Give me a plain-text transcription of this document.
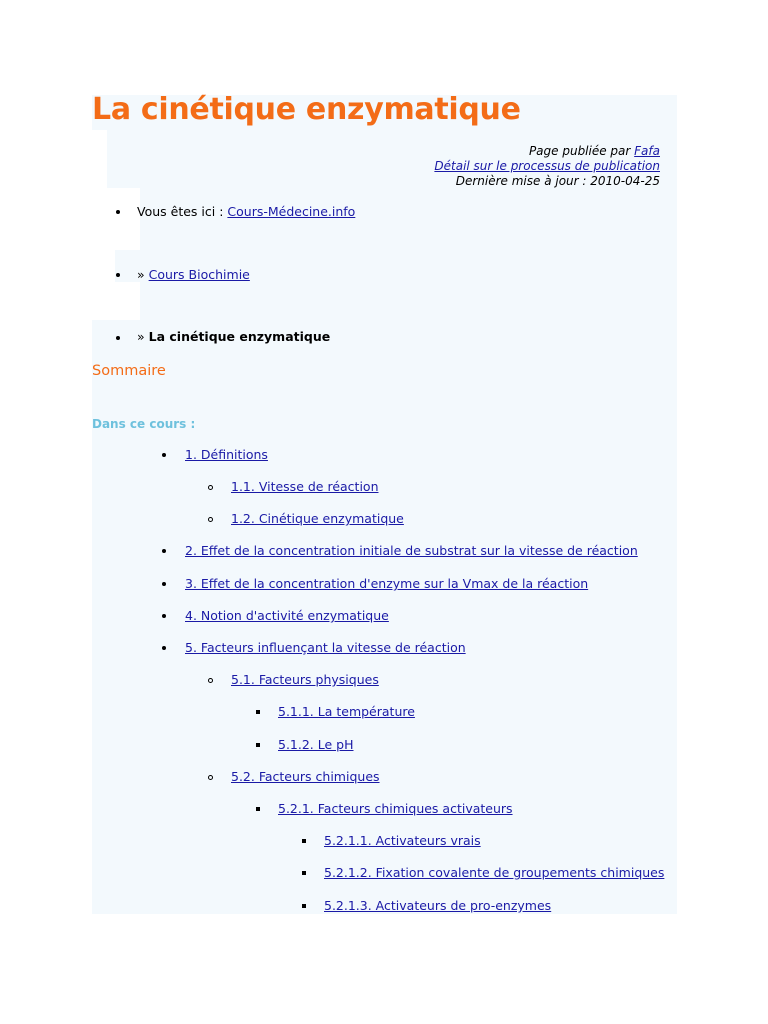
La cinétique enzymatique
Page publiée par Fafa
Détail sur le processus de publication
Dernière mise à jour : 2010-04-25
Vous êtes ici : Cours-Médecine.info
» Cours Biochimie
» La cinétique enzymatique
Sommaire
Dans ce cours :
1. Définitions
1.1. Vitesse de réaction
1.2. Cinétique enzymatique
2. Effet de la concentration initiale de substrat sur la vitesse de réaction
3. Effet de la concentration d'enzyme sur la Vmax de la réaction
4. Notion d'activité enzymatique
5. Facteurs influençant la vitesse de réaction
5.1. Facteurs physiques
5.1.1. La température
5.1.2. Le pH
5.2. Facteurs chimiques
5.2.1. Facteurs chimiques activateurs
5.2.1.1. Activateurs vrais
5.2.1.2. Fixation covalente de groupements chimiques
5.2.1.3. Activateurs de pro-enzymes
